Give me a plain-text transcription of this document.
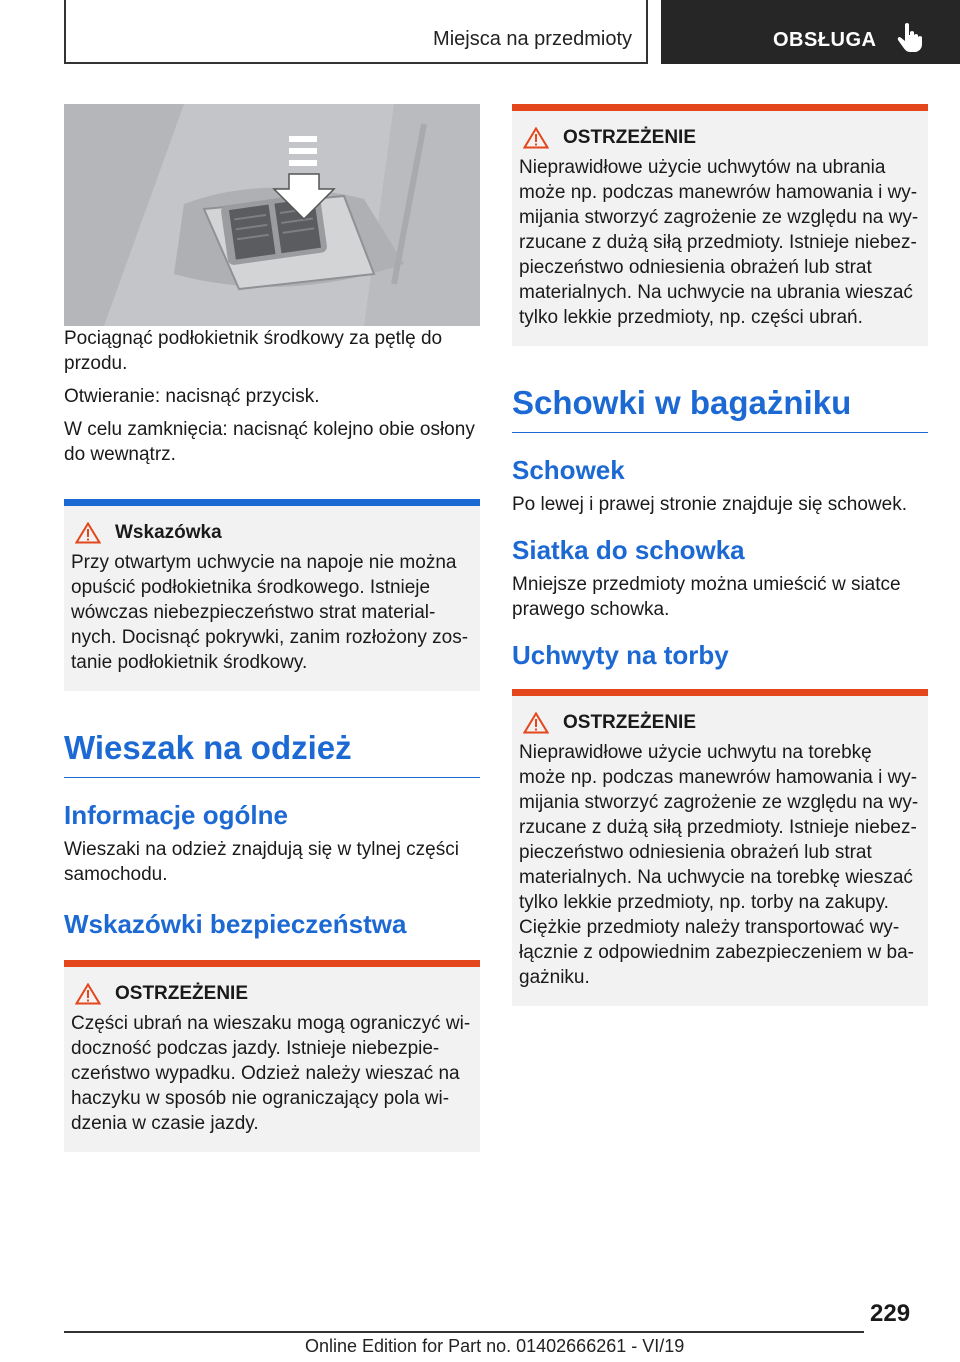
Miejsca na przedmioty	OBSŁUGA

Pociągnąć podłokietnik środkowy za pętlę do przodu.

Otwieranie: nacisnąć przycisk.

W celu zamknięcia: nacisnąć kolejno obie osłony do wewnątrz.

Wskazówka

Przy otwartym uchwycie na napoje nie można opuścić podłokietnika środkowego. Istnieje wówczas niebezpieczeństwo strat materialnych. Docisnąć pokrywki, zanim rozłożony zostanie podłokietnik środkowy.

Wieszak na odzież
Informacje ogólne

Wieszaki na odzież znajdują się w tylnej części samochodu.

Wskazówki bezpieczeństwa
OSTRZEŻENIE

Części ubrań na wieszaku mogą ograniczyć widoczność podczas jazdy. Istnieje niebezpieczeństwo wypadku. Odzież należy wieszać na haczyku w sposób nie ograniczający pola widzenia w czasie jazdy.

OSTRZEŻENIE

Nieprawidłowe użycie uchwytów na ubrania może np. podczas manewrów hamowania i wymijania stworzyć zagrożenie ze względu na wyrzucane z dużą siłą przedmioty. Istnieje niebezpieczeństwo odniesienia obrażeń lub strat materialnych. Na uchwycie na ubrania wieszać tylko lekkie przedmioty, np. części ubrań.

Schowki w bagażniku
Schowek

Po lewej i prawej stronie znajduje się schowek.

Siatka do schowka

Mniejsze przedmioty można umieścić w siatce prawego schowka.

Uchwyty na torby
OSTRZEŻENIE

Nieprawidłowe użycie uchwytu na torebkę może np. podczas manewrów hamowania i wymijania stworzyć zagrożenie ze względu na wyrzucane z dużą siłą przedmioty. Istnieje niebezpieczeństwo odniesienia obrażeń lub strat materialnych. Na uchwycie na torebkę wieszać tylko lekkie przedmioty, np. torby na zakupy. Ciężkie przedmioty należy transportować wyłącznie z odpowiednim zabezpieczeniem w bagażniku.

229
Online Edition for Part no. 01402666261 - VI/19
